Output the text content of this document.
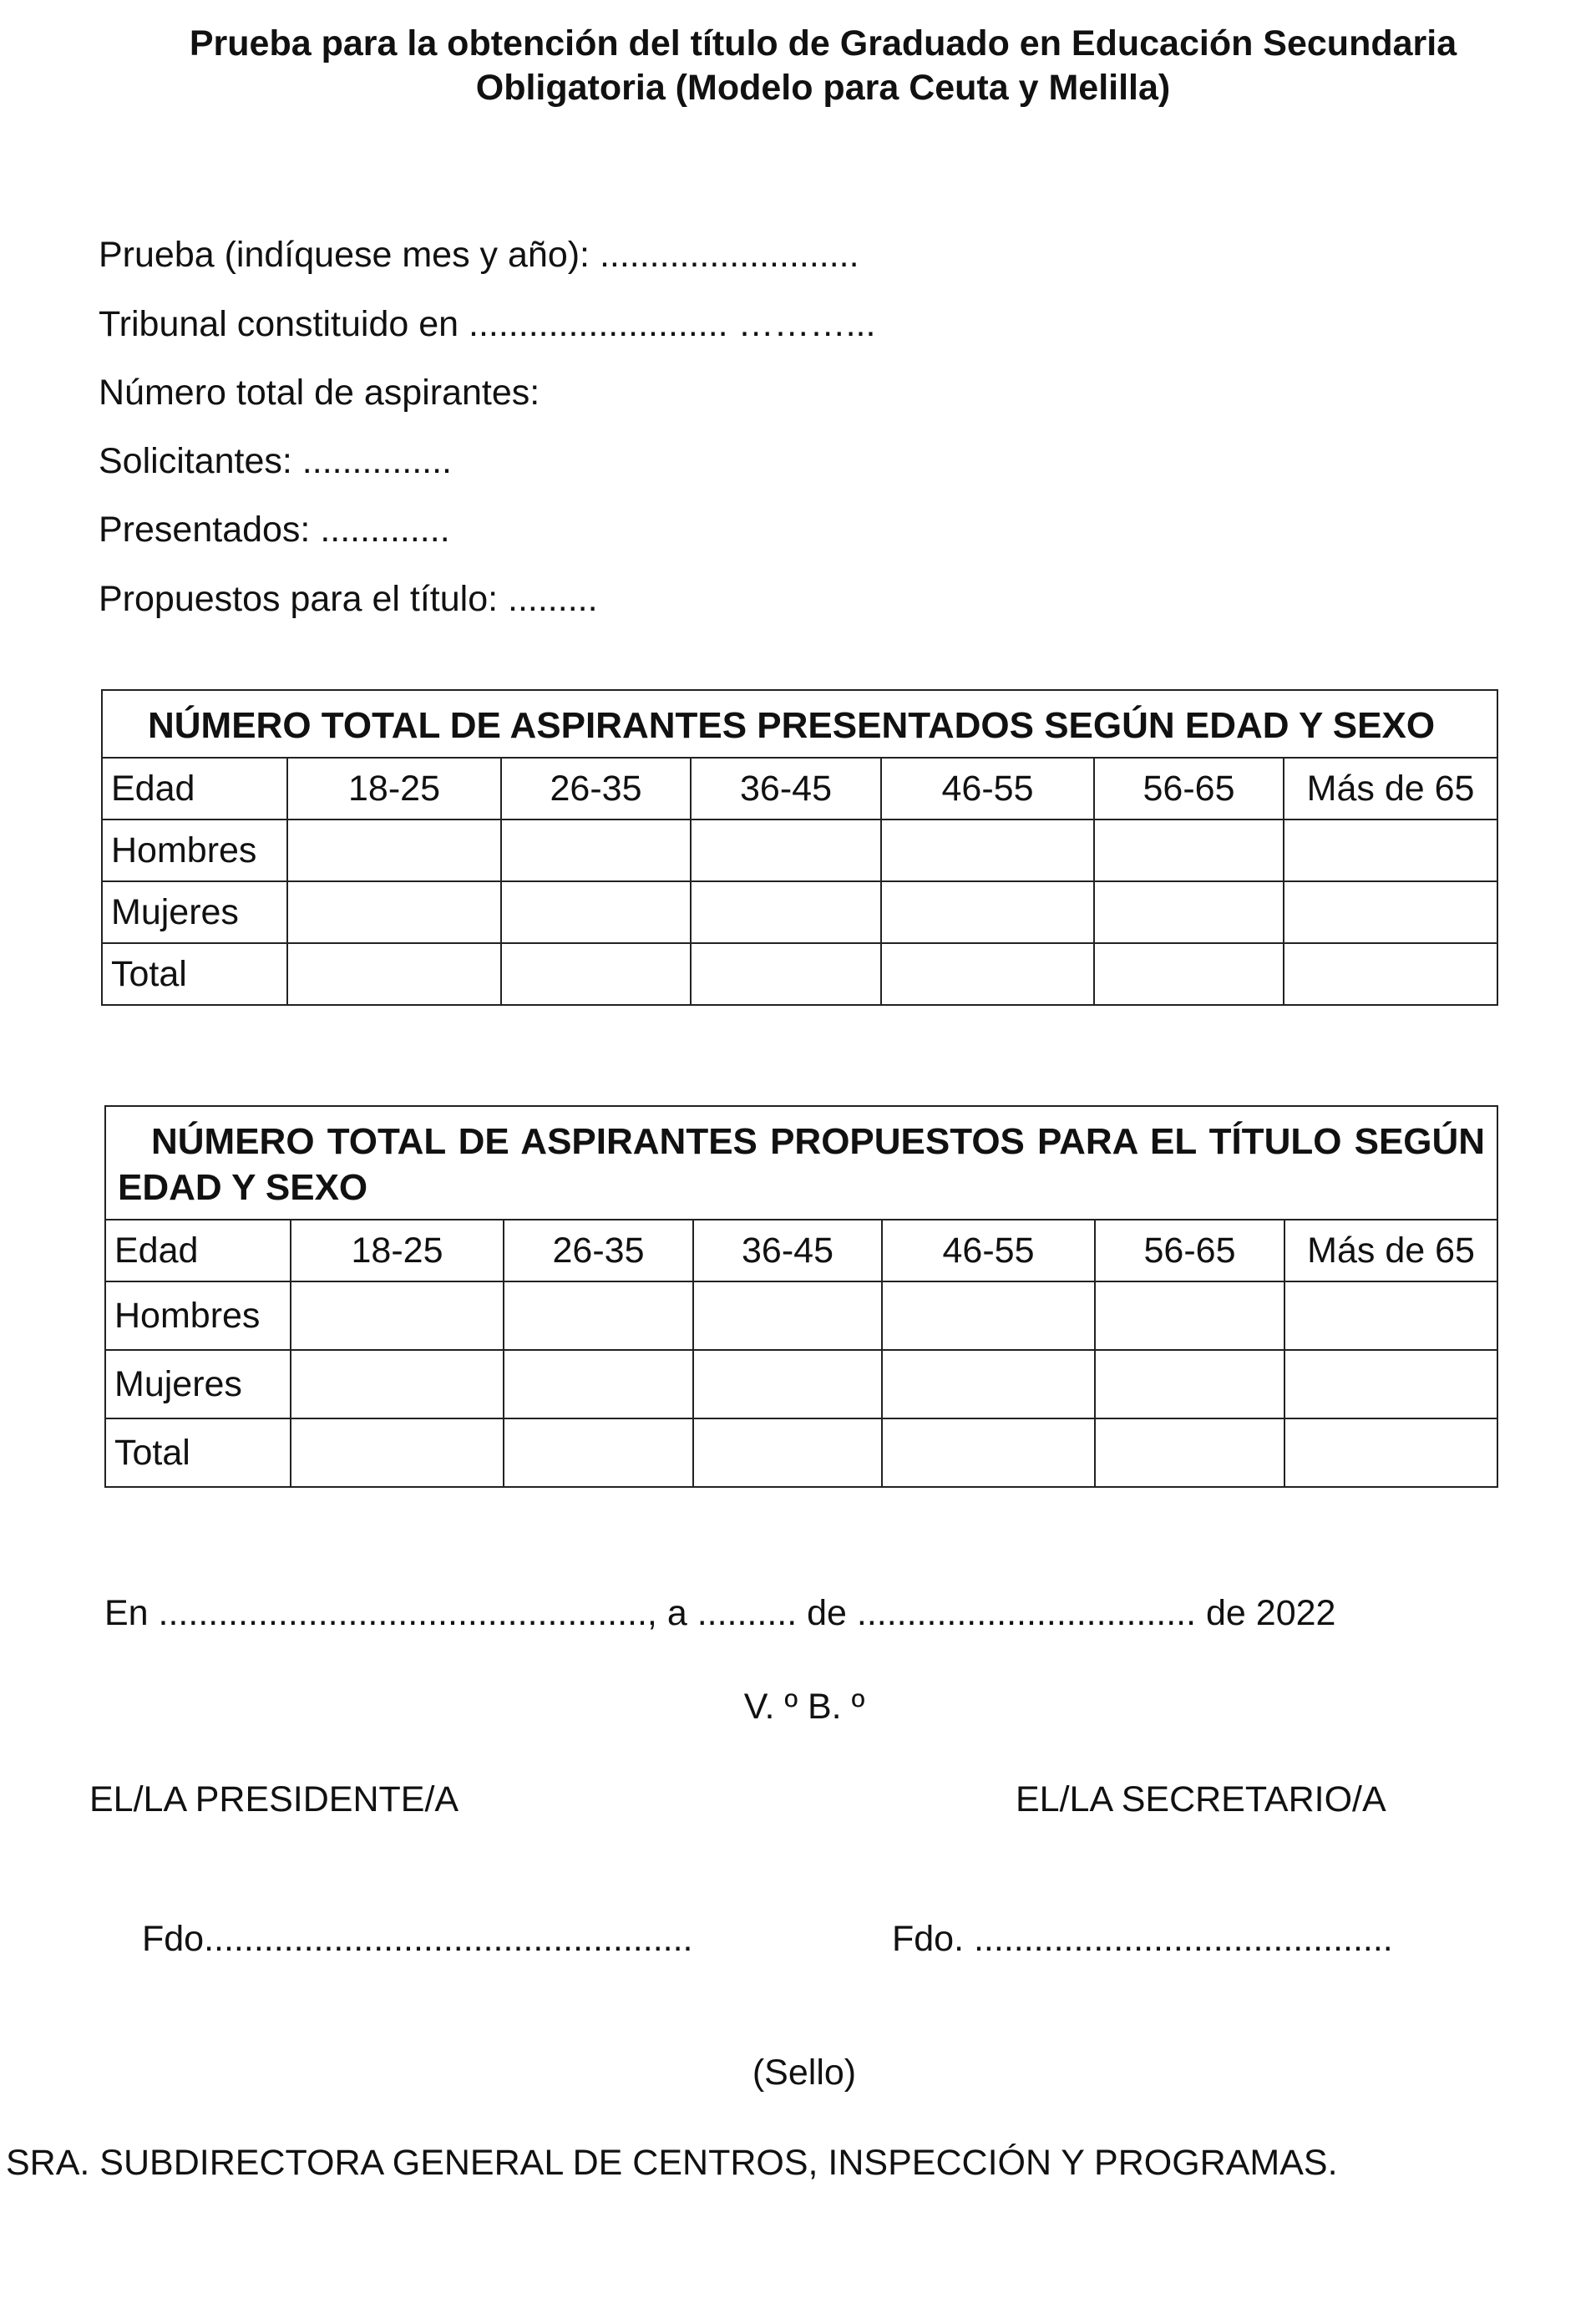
Prueba para la obtención del título de Graduado en Educación Secundaria
Obligatoria (Modelo para Ceuta y Melilla)
Prueba (indíquese mes y año): ..........................
Tribunal constituido en .......................... ………...
Número total de aspirantes:
Solicitantes: ...............
Presentados: .............
Propuestos para el título: .........
NÚMERO TOTAL DE ASPIRANTES PRESENTADOS SEGÚN EDAD Y SEXO						
Edad	18-25	26-35	36-45	46-55	56-65	Más de 65
Hombres						
Mujeres						
Total						
NÚMERO TOTAL DE ASPIRANTES PROPUESTOS PARA EL TÍTULO SEGÚN EDAD Y SEXO						
Edad	18-25	26-35	36-45	46-55	56-65	Más de 65
Hombres						
Mujeres						
Total						
En ................................................., a .......... de .................................. de 2022
V. º B. º
EL/LA PRESIDENTE/A	EL/LA SECRETARIO/A
Fdo.................................................	Fdo. ..........................................
(Sello)
SRA. SUBDIRECTORA GENERAL DE CENTROS, INSPECCIÓN Y PROGRAMAS.
